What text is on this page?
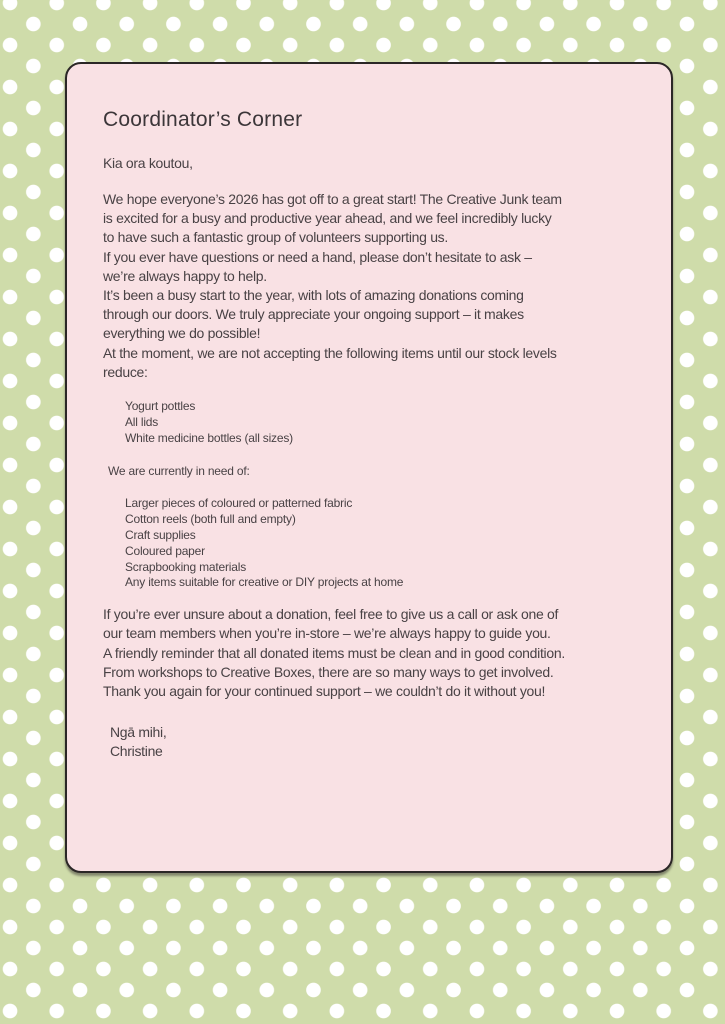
Coordinator’s Corner

Kia ora koutou,

We hope everyone’s 2026 has got off to a great start! The Creative Junk team
is excited for a busy and productive year ahead, and we feel incredibly lucky
to have such a fantastic group of volunteers supporting us.
If you ever have questions or need a hand, please don’t hesitate to ask –
we’re always happy to help.
It’s been a busy start to the year, with lots of amazing donations coming
through our doors. We truly appreciate your ongoing support – it makes
everything we do possible!
At the moment, we are not accepting the following items until our stock levels
reduce:
Yogurt pottles
All lids
White medicine bottles (all sizes)

We are currently in need of:

Larger pieces of coloured or patterned fabric
Cotton reels (both full and empty)
Craft supplies
Coloured paper
Scrapbooking materials
Any items suitable for creative or DIY projects at home
If you’re ever unsure about a donation, feel free to give us a call or ask one of
our team members when you’re in-store – we’re always happy to guide you.
A friendly reminder that all donated items must be clean and in good condition.
From workshops to Creative Boxes, there are so many ways to get involved.
Thank you again for your continued support – we couldn’t do it without you!

Ngā mihi,

Christine
